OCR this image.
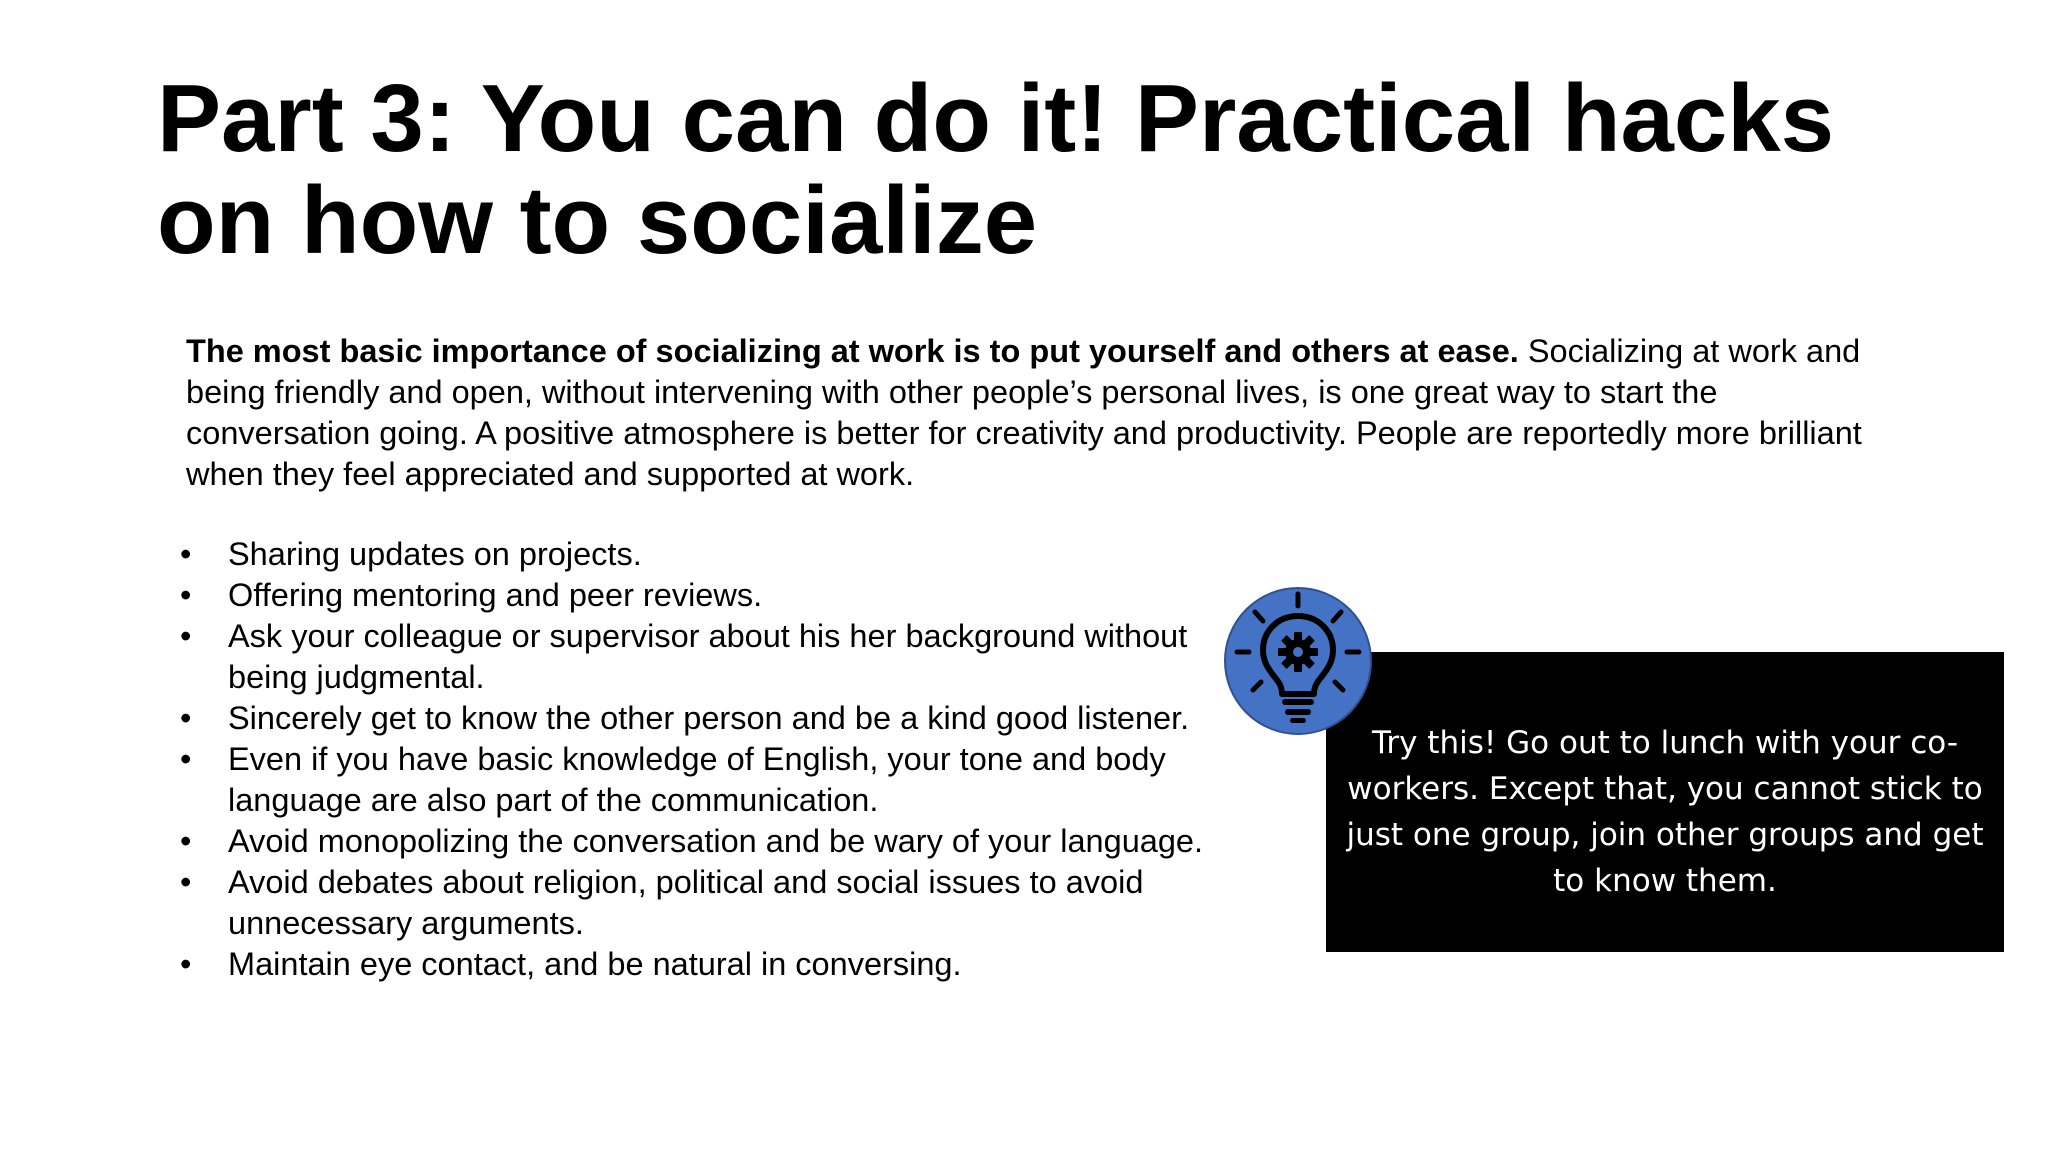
Part 3: You can do it! Practical hacks on how to socialize

The most basic importance of socializing at work is to put yourself and others at ease. Socializing at work and being friendly and open, without intervening with other people’s personal lives, is one great way to start the conversation going. A positive atmosphere is better for creativity and productivity. People are reportedly more brilliant when they feel appreciated and supported at work.

• Sharing updates on projects.
• Offering mentoring and peer reviews.
• Ask your colleague or supervisor about his her background without being judgmental.
• Sincerely get to know the other person and be a kind good listener.
• Even if you have basic knowledge of English, your tone and body language are also part of the communication.
• Avoid monopolizing the conversation and be wary of your language.
• Avoid debates about religion, political and social issues to avoid unnecessary arguments.
• Maintain eye contact, and be natural in conversing.

Try this! Go out to lunch with your co-workers. Except that, you cannot stick to just one group, join other groups and get to know them.
